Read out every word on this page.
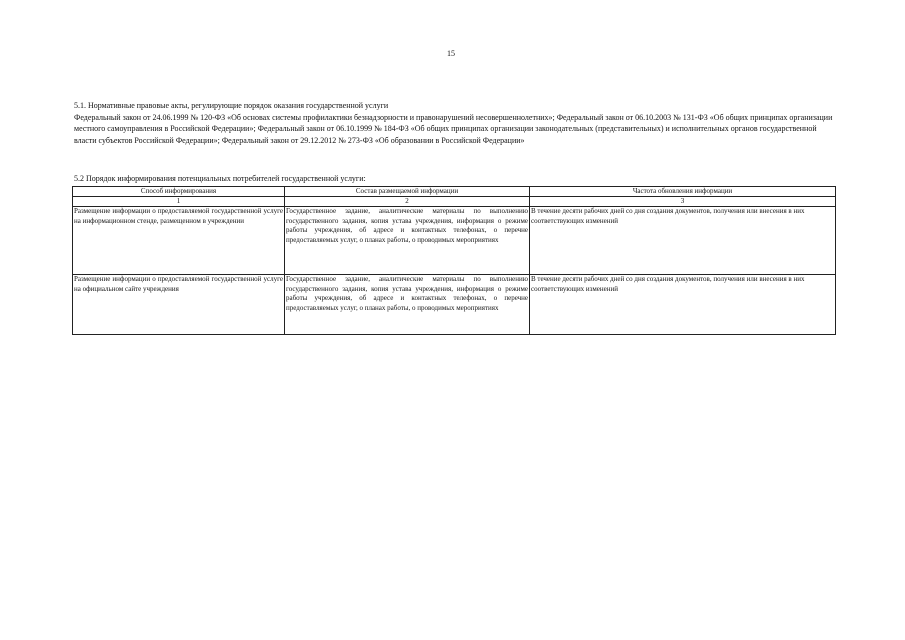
15

5.1. Нормативные правовые акты, регулирующие порядок оказания государственной услуги

Федеральный закон от 24.06.1999 № 120-ФЗ «Об основах системы профилактики безнадзорности и правонарушений несовершеннолетних»; Федеральный закон от 06.10.2003 № 131-ФЗ «Об общих принципах организации местного самоуправления в Российской Федерации»; Федеральный закон от 06.10.1999 № 184-ФЗ «Об общих принципах организации законодательных (представительных) и исполнительных органов государственной власти субъектов Российской Федерации»; Федеральный закон от 29.12.2012 № 273-ФЗ «Об образовании в Российской Федерации»

5.2 Порядок информирования потенциальных потребителей государственной услуги:
Способ информирования	Состав размещаемой информации	Частота обновления информации
1	2	3
Размещение информации о предоставляемой государственной услуге на информационном стенде, размещенном в учреждении	Государственное задание, аналитические материалы по выполнению государственного задания, копия устава учреждения, информация о режиме работы учреждения, об адресе и контактных телефонах, о перечне предоставляемых услуг, о планах работы, о проводимых мероприятиях	В течение десяти рабочих дней со дня создания документов, получения или внесения в них соответствующих изменений
Размещение информации о предоставляемой государственной услуге на официальном сайте учреждения	Государственное задание, аналитические материалы по выполнению государственного задания, копия устава учреждения, информация о режиме работы учреждения, об адресе и контактных телефонах, о перечне предоставляемых услуг, о планах работы, о проводимых мероприятиях	В течение десяти рабочих дней со дня создания документов, получения или внесения в них соответствующих изменений
